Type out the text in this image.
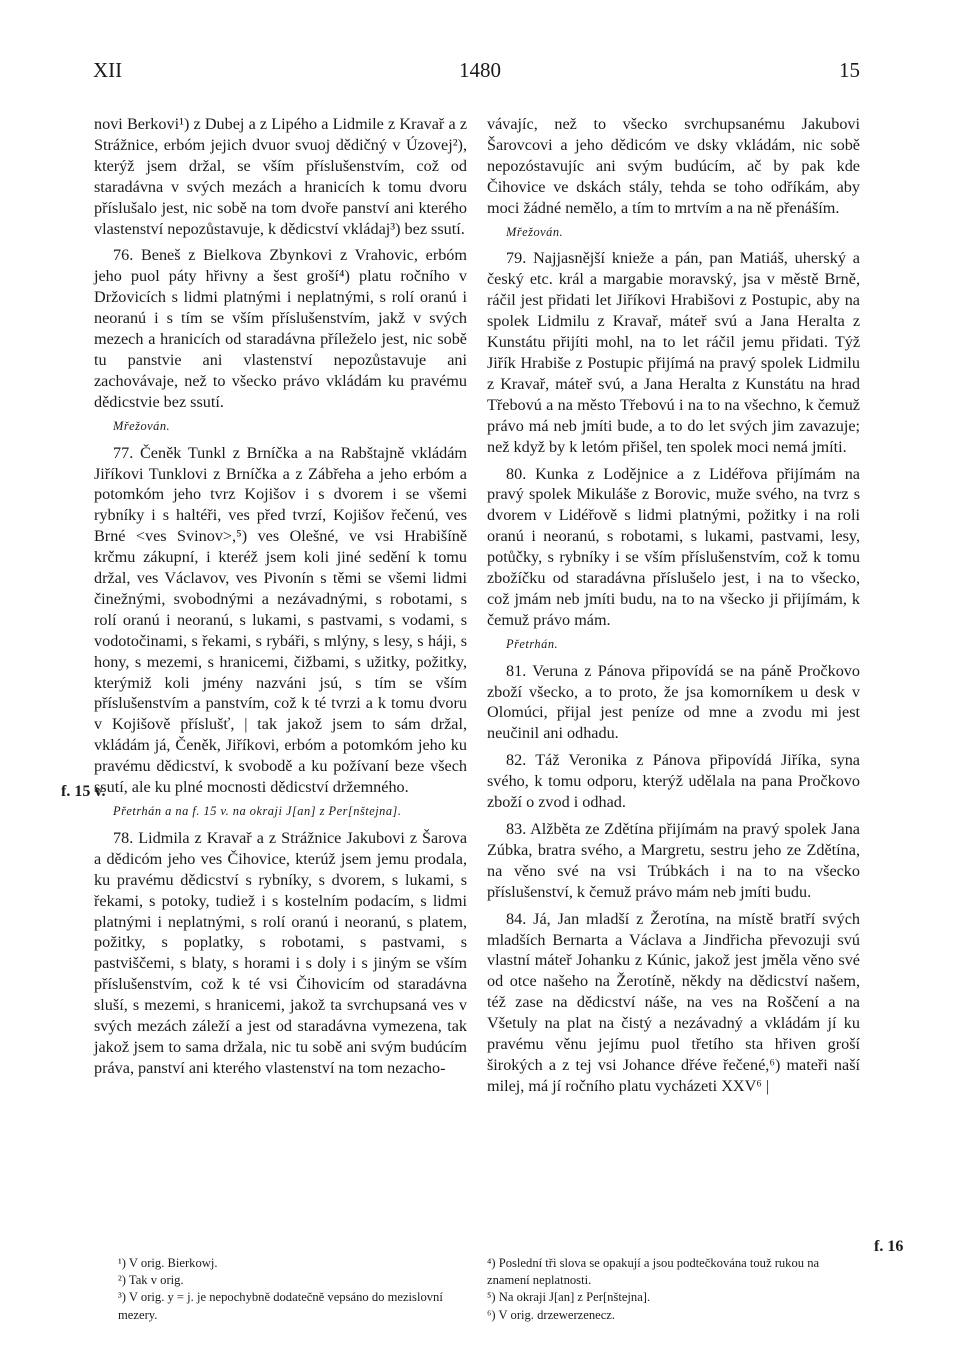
XII	1480	15

novi Berkovi¹) z Dubej a z Lipého a Lidmile z Kravař a z Strážnice, erbóm jejich dvuor svuoj dědičný v Úzovej²), kterýž jsem držal, se vším příslušenstvím, což od staradávna v svých mezách a hranicích k tomu dvoru příslušalo jest, nic sobě na tom dvoře panství ani kterého vlastenství nepozůstavuje, k dědicství vkládaj³) bez ssutí.

76. Beneš z Bielkova Zbynkovi z Vrahovic, erbóm jeho puol páty hřivny a šest groší⁴) platu ročního v Držovicích s lidmi platnými i neplatnými, s rolí oranú i neoranú i s tím se vším příslušenstvím, jakž v svých mezech a hranicích od staradávna příleželo jest, nic sobě tu panstvie ani vlastenství nepozůstavuje ani zachovávaje, než to všecko právo vkládám ku pravému dědicstvie bez ssutí.

Mřežován.

77. Čeněk Tunkl z Brníčka a na Rabštajně vkládám Jiříkovi Tunklovi z Brníčka a z Zábřeha a jeho erbóm a potomkóm jeho tvrz Kojišov i s dvorem i se všemi rybníky i s haltéři, ves před tvrzí, Kojišov řečenú, ves Brné <ves Svinov>,⁵) ves Olešné, ve vsi Hrabišíně krčmu zákupní, i kteréž jsem koli jiné sedění k tomu držal, ves Václavov, ves Pivonín s těmi se všemi lidmi činežnými, svobodnými a nezávadnými, s robotami, s rolí oranú i neoranú, s lukami, s pastvami, s vodami, s vodotočinami, s řekami, s rybáři, s mlýny, s lesy, s háji, s hony, s mezemi, s hranicemi, čižbami, s užitky, požitky, kterýmiž koli jmény nazváni jsú, s tím se vším příslušenstvím a panstvím, což k té tvrzi a k tomu dvoru v Kojišově příslušť, | tak jakož jsem to sám držal, vkládám já, Čeněk, Jiříkovi, erbóm a potomkóm jeho ku pravému dědicství, k svobodě a ku požívaní beze všech ssutí, ale ku plné mocnosti dědicství držemného.

Přetrhán a na f. 15 v. na okraji J[an] z Per[nštejna].

78. Lidmila z Kravař a z Strážnice Jakubovi z Šarova a dědicóm jeho ves Čihovice, kterúž jsem jemu prodala, ku pravému dědicství s rybníky, s dvorem, s lukami, s řekami, s potoky, tudiež i s kostelním podacím, s lidmi platnými i neplatnými, s rolí oranú i neoranú, s platem, požitky, s poplatky, s robotami, s pastvami, s pastviščemi, s blaty, s horami i s doly i s jiným se vším příslušenstvím, což k té vsi Čihovicím od staradávna sluší, s mezemi, s hranicemi, jakož ta svrchupsaná ves v svých mezách záleží a jest od staradávna vymezena, tak jakož jsem to sama držala, nic tu sobě ani svým budúcím práva, panství ani kterého vlastenství na tom nezacho-

vávajíc, než to všecko svrchupsanému Jakubovi Šarovcovi a jeho dědicóm ve dsky vkládám, nic sobě nepozóstavujíc ani svým budúcím, ač by pak kde Čihovice ve dskách stály, tehda se toho odříkám, aby moci žádné nemělo, a tím to mrtvím a na ně přenáším.

Mřežován.

79. Najjasnější knieže a pán, pan Matiáš, uherský a český etc. král a margabie moravský, jsa v městě Brně, ráčil jest přidati let Jiříkovi Hrabišovi z Postupic, aby na spolek Lidmilu z Kravař, máteř svú a Jana Heralta z Kunstátu přijíti mohl, na to let ráčil jemu přidati. Týž Jiřík Hrabiše z Postupic přijímá na pravý spolek Lidmilu z Kravař, máteř svú, a Jana Heralta z Kunstátu na hrad Třebovú a na město Třebovú i na to na všechno, k čemuž právo má neb jmíti bude, a to do let svých jim zavazuje; než když by k letóm přišel, ten spolek moci nemá jmíti.

80. Kunka z Lodějnice a z Lidéřova přijímám na pravý spolek Mikuláše z Borovic, muže svého, na tvrz s dvorem v Lidéřově s lidmi platnými, požitky i na roli oranú i neoranú, s robotami, s lukami, pastvami, lesy, potůčky, s rybníky i se vším příslušenstvím, což k tomu zbožíčku od staradávna příslušelo jest, i na to všecko, což jmám neb jmíti budu, na to na všecko ji přijímám, k čemuž právo mám.

Přetrhán.

81. Veruna z Pánova připovídá se na páně Pročkovo zboží všecko, a to proto, že jsa komorníkem u desk v Olomúci, přijal jest peníze od mne a zvodu mi jest neučinil ani odhadu.

82. Táž Veronika z Pánova připovídá Jiříka, syna svého, k tomu odporu, kterýž udělala na pana Pročkovo zboží o zvod i odhad.

83. Alžběta ze Zdětína přijímám na pravý spolek Jana Zúbka, bratra svého, a Margretu, sestru jeho ze Zdětína, na věno své na vsi Trúbkách i na to na všecko příslušenství, k čemuž právo mám neb jmíti budu.

84. Já, Jan mladší z Žerotína, na místě bratří svých mladších Bernarta a Václava a Jindřicha převozuji svú vlastní máteř Johanku z Kúnic, jakož jest jměla věno své od otce našeho na Žerotíně, někdy na dědicství našem, též zase na dědicství náše, na ves na Roščení a na Všetuly na plat na čistý a nezávadný a vkládám jí ku pravému věnu jejímu puol třetího sta hřiven groší širokých a z tej vsi Johance dřéve řečené,⁶) mateři naší milej, má jí ročního platu vycházeti XXV⁶ |

f. 15 v.
f. 16

¹) V orig. Bierkowj.

²) Tak v orig.

³) V orig. y = j. je nepochybně dodatečně vepsáno do mezislovní mezery.

⁴) Poslední tři slova se opakují a jsou podtečkována touž rukou na znamení neplatnosti.

⁵) Na okraji J[an] z Per[nštejna].

⁶) V orig. drzewerzenecz.
